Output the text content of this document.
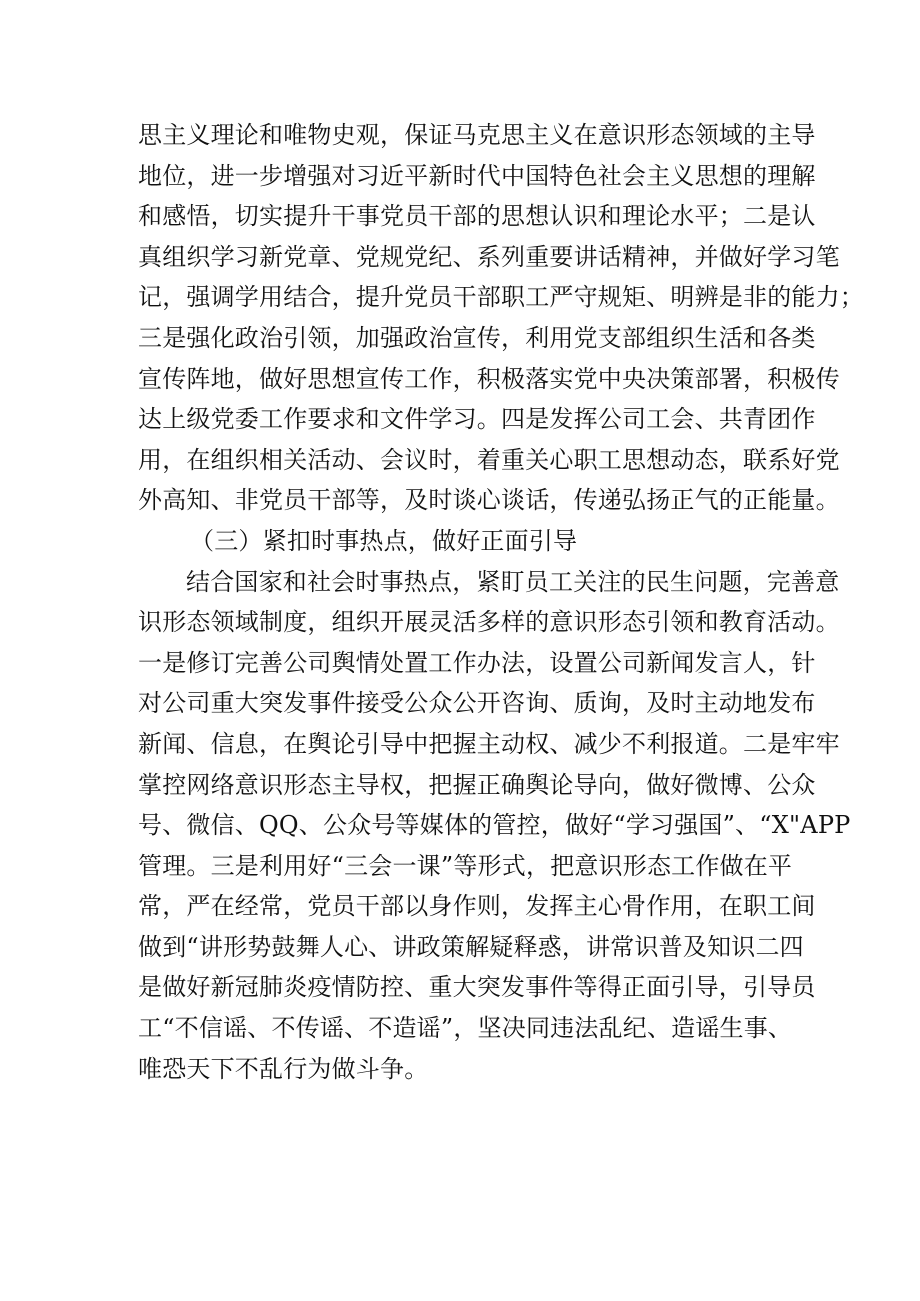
思主义理论和唯物史观，保证马克思主义在意识形态领域的主导
地位，进一步增强对习近平新时代中国特色社会主义思想的理解
和感悟，切实提升干事党员干部的思想认识和理论水平；二是认
真组织学习新党章、党规党纪、系列重要讲话精神，并做好学习笔
记，强调学用结合，提升党员干部职工严守规矩、明辨是非的能力；
三是强化政治引领，加强政治宣传，利用党支部组织生活和各类
宣传阵地，做好思想宣传工作，积极落实党中央决策部署，积极传
达上级党委工作要求和文件学习。四是发挥公司工会、共青团作
用，在组织相关活动、会议时，着重关心职工思想动态，联系好党
外高知、非党员干部等，及时谈心谈话，传递弘扬正气的正能量。
（三）紧扣时事热点，做好正面引导
结合国家和社会时事热点，紧盯员工关注的民生问题，完善意
识形态领域制度，组织开展灵活多样的意识形态引领和教育活动。
一是修订完善公司舆情处置工作办法，设置公司新闻发言人，针
对公司重大突发事件接受公众公开咨询、质询，及时主动地发布
新闻、信息，在舆论引导中把握主动权、减少不利报道。二是牢牢
掌控网络意识形态主导权，把握正确舆论导向，做好微博、公众
号、微信、QQ、公众号等媒体的管控，做好“学习强国”、“X"APP
管理。三是利用好“三会一课”等形式，把意识形态工作做在平
常，严在经常，党员干部以身作则，发挥主心骨作用，在职工间
做到“讲形势鼓舞人心、讲政策解疑释惑，讲常识普及知识二四
是做好新冠肺炎疫情防控、重大突发事件等得正面引导，引导员
工“不信谣、不传谣、不造谣”，坚决同违法乱纪、造谣生事、
唯恐天下不乱行为做斗争。
